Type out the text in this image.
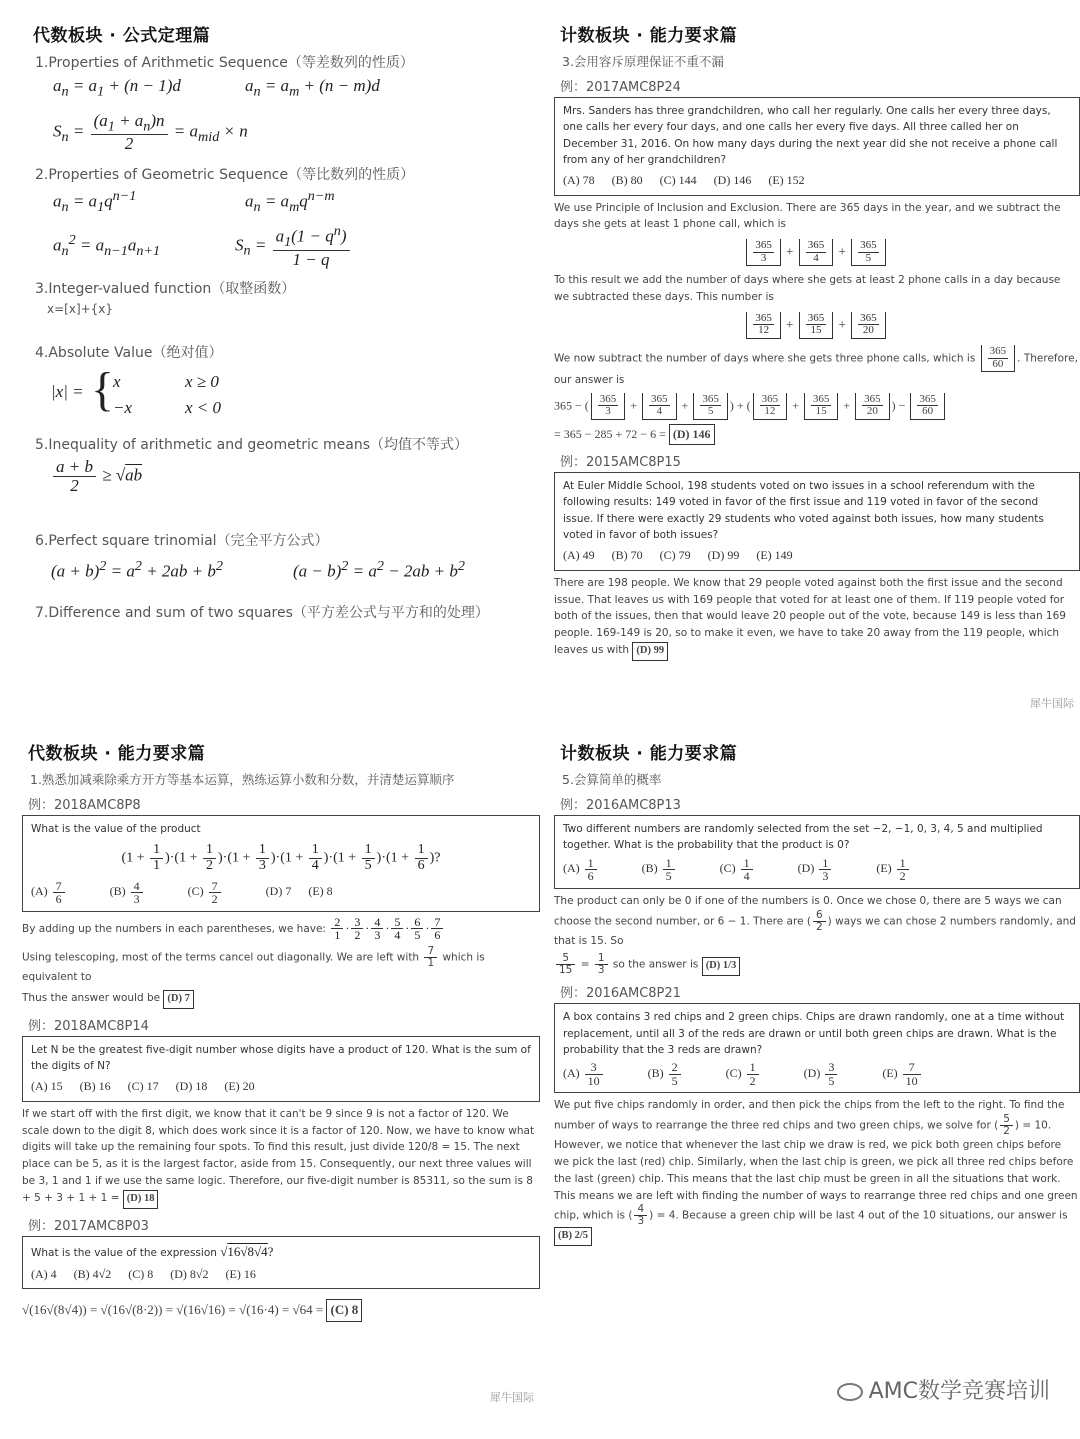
代数板块 · 公式定理篇
1.Properties of Arithmetic Sequence（等差数列的性质）
$a_n = a_1 + (n - 1)d$	$a_n = a_m + (n - m)d$
$S_n = \frac{(a_1 + a_n)n}{2} = a_{mid} \times n$
2.Properties of Geometric Sequence（等比数列的性质）
$a_n = a_1q^{n-1}$	$a_n = a_mq^{n-m}$
$a_n^2 = a_{n-1}a_{n+1}$	$S_n = \frac{a_1(1 - q^n)}{1 - q}$
3.Integer-valued function（取整函数）
x=[x]+{x}
4.Absolute Value（绝对值）
|x| = {
x	x ≥ 0
−x	x < 0
5.Inequality of arithmetic and geometric means（均值不等式）
$\frac{a + b}{2} \ge √ab$
6.Perfect square trinomial（完全平方公式）
$(a + b)^2 = a^2 + 2ab + b^2$	$(a - b)^2 = a^2 - 2ab + b^2$
7.Difference and sum of two squares（平方差公式与平方和的处理）
计数板块 · 能力要求篇
3.会用容斥原理保证不重不漏
例：2017AMC8P24
Mrs. Sanders has three grandchildren, who call her regularly. One calls her every three days, one calls her every four days, and one calls her every five days. All three called her on December 31, 2016. On how many days during the next year did she not receive a phone call from any of her grandchildren?
(A) 78 (B) 80 (C) 144 (D) 146 (E) 152
We use Principle of Inclusion and Exclusion. There are 365 days in the year, and we subtract the days she gets at least 1 phone call, which is
$\frac{365}{3} + \frac{365}{4} + \frac{365}{5}$
To this result we add the number of days where she gets at least 2 phone calls in a day because we subtracted these days. This number is
$\frac{365}{12} + \frac{365}{15} + \frac{365}{20}$
We now subtract the number of days where she gets three phone calls, which is $\frac{365}{60}$ . Therefore, our answer is
365 − ( $\frac{365}{3} + \frac{365}{4} + \frac{365}{5}$ ) + ( $\frac{365}{12} + \frac{365}{15} + \frac{365}{20}$ ) − $\frac{365}{60}$
= 365 − 285 + 72 − 6 = (D) 146
例：2015AMC8P15
At Euler Middle School, 198 students voted on two issues in a school referendum with the following results: 149 voted in favor of the first issue and 119 voted in favor of the second issue. If there were exactly 29 students who voted against both issues, how many students voted in favor of both issues?
(A) 49 (B) 70 (C) 79 (D) 99 (E) 149
There are 198 people. We know that 29 people voted against both the first issue and the second issue. That leaves us with 169 people that voted for at least one of them. If 119 people voted for both of the issues, then that would leave 20 people out of the vote, because 149 is less than 169 people. 169-149 is 20, so to make it even, we have to take 20 away from the 119 people, which leaves us with (D) 99
犀牛国际
代数板块 · 能力要求篇
1.熟悉加减乘除乘方开方等基本运算，熟练运算小数和分数，并清楚运算顺序
例：2018AMC8P8
What is the value of the product
$(1 + \frac{1}{1} )\cdot(1 + \frac{1}{2} )\cdot(1 + \frac{1}{3} )\cdot(1 + \frac{1}{4} )\cdot(1 + \frac{1}{5} )\cdot(1 + \frac{1}{6}$ )?
$(A) \frac{7}{6}$	$(B) \frac{4}{3}$	$(C) \frac{7}{2}$	(D) 7 (E) 8
By adding up the numbers in each parentheses, we have: $\frac{2}{1} \cdot \frac{3}{2} \cdot \frac{4}{3} \cdot \frac{5}{4} \cdot \frac{6}{5} \cdot \frac{7}{6}$
Using telescoping, most of the terms cancel out diagonally. We are left with $\frac{7}{1}$ which is equivalent to
Thus the answer would be (D) 7
例：2018AMC8P14
Let N be the greatest five-digit number whose digits have a product of 120. What is the sum of the digits of N?
(A) 15 (B) 16 (C) 17 (D) 18 (E) 20
If we start off with the first digit, we know that it can't be 9 since 9 is not a factor of 120. We scale down to the digit 8, which does work since it is a factor of 120. Now, we have to know what digits will take up the remaining four spots. To find this result, just divide 120/8 = 15. The next place can be 5, as it is the largest factor, aside from 15. Consequently, our next three values will be 3, 1 and 1 if we use the same logic. Therefore, our five-digit number is 85311, so the sum is 8 + 5 + 3 + 1 + 1 = (D) 18
例：2017AMC8P03
What is the value of the expression √16√8√4?
(A) 4 (B) 4√2 (C) 8 (D) 8√2 (E) 16
√(16√(8√4)) = √(16√(8·2)) = √(16√16) = √(16·4) = √64 = (C) 8
犀牛国际
计数板块 · 能力要求篇
5.会算简单的概率
例：2016AMC8P13
Two different numbers are randomly selected from the set −2, −1, 0, 3, 4, 5 and multiplied together. What is the probability that the product is 0?
$(A) \frac{1}{6}$	$(B) \frac{1}{5}$	$(C) \frac{1}{4}$	$(D) \frac{1}{3}$	$(E) \frac{1}{2}$
The product can only be 0 if one of the numbers is 0. Once we chose 0, there are 5 ways we can choose the second number, or 6 − 1. There are ( $\frac{6}{2}$ ) ways we can chose 2 numbers randomly, and that is 15. So
$\frac{5}{15} = \frac{1}{3}$ so the answer is (D) 1/3
例：2016AMC8P21
A box contains 3 red chips and 2 green chips. Chips are drawn randomly, one at a time without replacement, until all 3 of the reds are drawn or until both green chips are drawn. What is the probability that the 3 reds are drawn?
$(A) \frac{3}{10}$	$(B) \frac{2}{5}$	$(C) \frac{1}{2}$	$(D) \frac{3}{5}$	$(E) \frac{7}{10}$
We put five chips randomly in order, and then pick the chips from the left to the right. To find the number of ways to rearrange the three red chips and two green chips, we solve for ( $\frac{5}{2}$ ) = 10. However, we notice that whenever the last chip we draw is red, we pick both green chips before we pick the last (red) chip. Similarly, when the last chip is green, we pick all three red chips before the last (green) chip. This means that the last chip must be green in all the situations that work. This means we are left with finding the number of ways to rearrange three red chips and one green chip, which is ( $\frac{4}{3}$ ) = 4. Because a green chip will be last 4 out of the 10 situations, our answer is (B) 2/5
AMC数学竞赛培训
